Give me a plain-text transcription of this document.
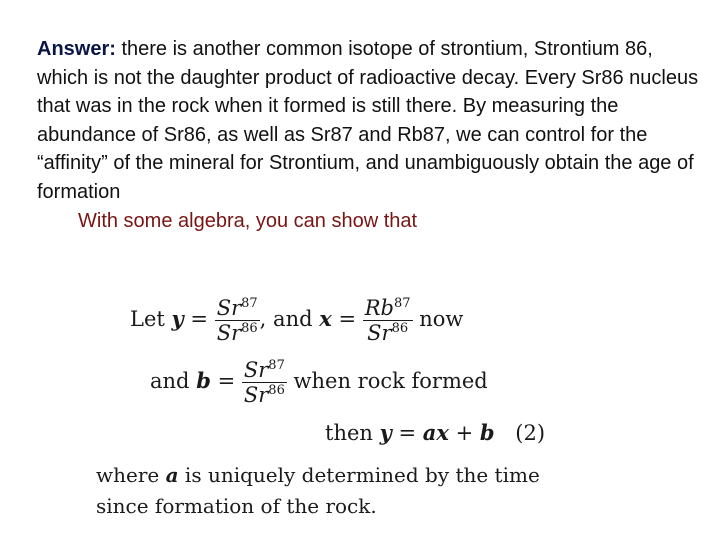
Answer: there is another common isotope of strontium, Strontium 86, which is not the daughter product of radioactive decay. Every Sr86 nucleus that was in the rock when it formed is still there. By measuring the abundance of Sr86, as well as Sr87 and Rb87, we can control for the “affinity” of the mineral for Strontium, and unambiguously obtain the age of formation
With some algebra, you can show that
Let $y = \frac{Sr^{87}}{Sr^{86}}$ , and $x = \frac{Rb^{87}}{Sr^{86}}$ now
and $b = \frac{Sr^{87}}{Sr^{86}}$ when rock formed
then y = ax + b (2)
where a is uniquely determined by the time
since formation of the rock.
